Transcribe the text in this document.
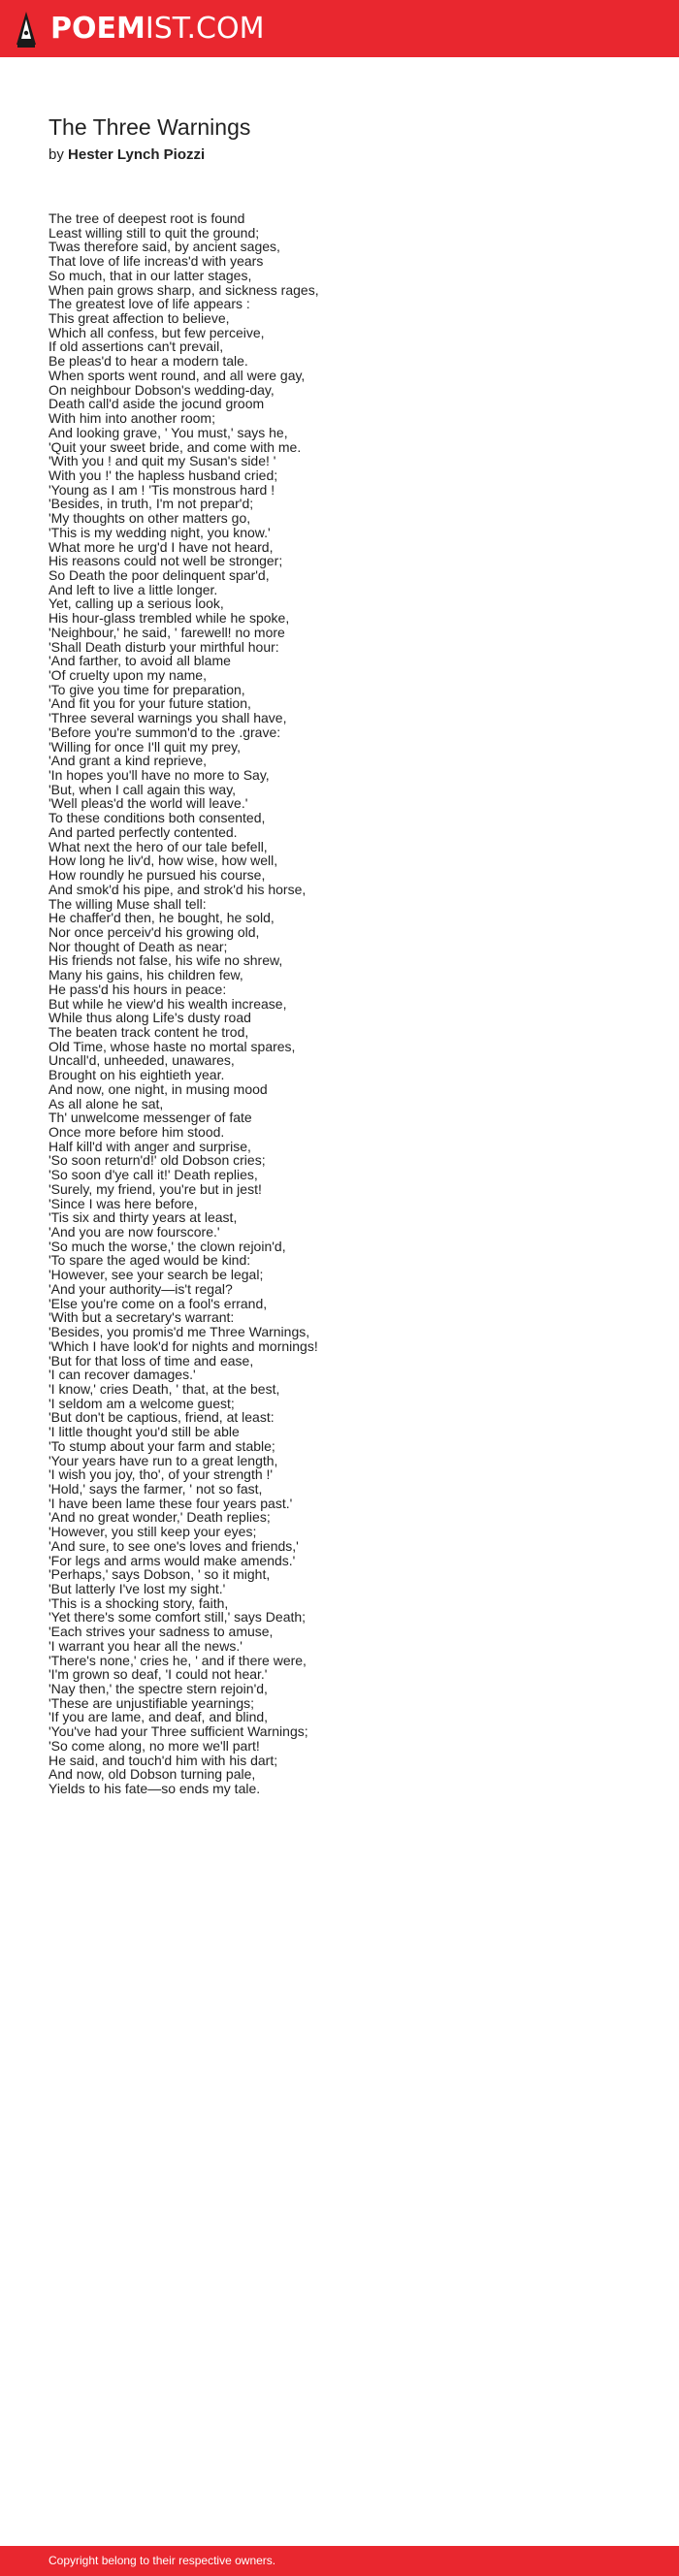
POEMIST.COM
The Three Warnings

by Hester Lynch Piozzi

The tree of deepest root is found
Least willing still to quit the ground;
Twas therefore said, by ancient sages,
That love of life increas'd with years
So much, that in our latter stages,
When pain grows sharp, and sickness rages,
The greatest love of life appears :
This great affection to believe,
Which all confess, but few perceive,
If old assertions can't prevail,
Be pleas'd to hear a modern tale.
When sports went round, and all were gay,
On neighbour Dobson's wedding-day,
Death call'd aside the jocund groom
With him into another room;
And looking grave, ' You must,' says he,
'Quit your sweet bride, and come with me.
'With you ! and quit my Susan's side! '
With you !' the hapless husband cried;
'Young as I am ! 'Tis monstrous hard !
'Besides, in truth, I'm not prepar'd;
'My thoughts on other matters go,
'This is my wedding night, you know.'
What more he urg'd I have not heard,
His reasons could not well be stronger;
So Death the poor delinquent spar'd,
And left to live a little longer.
Yet, calling up a serious look,
His hour-glass trembled while he spoke,
'Neighbour,' he said, ' farewell! no more
'Shall Death disturb your mirthful hour:
'And farther, to avoid all blame
'Of cruelty upon my name,
'To give you time for preparation,
'And fit you for your future station,
'Three several warnings you shall have,
'Before you're summon'd to the .grave:
'Willing for once I'll quit my prey,
'And grant a kind reprieve,
'In hopes you'll have no more to Say,
'But, when I call again this way,
'Well pleas'd the world will leave.'
To these conditions both consented,
And parted perfectly contented.
What next the hero of our tale befell,
How long he liv'd, how wise, how well,
How roundly he pursued his course,
And smok'd his pipe, and strok'd his horse,
The willing Muse shall tell:
He chaffer'd then, he bought, he sold,
Nor once perceiv'd his growing old,
Nor thought of Death as near;
His friends not false, his wife no shrew,
Many his gains, his children few,
He pass'd his hours in peace:
But while he view'd his wealth increase,
While thus along Life's dusty road
The beaten track content he trod,
Old Time, whose haste no mortal spares,
Uncall'd, unheeded, unawares,
Brought on his eightieth year.
And now, one night, in musing mood
As all alone he sat,
Th' unwelcome messenger of fate
Once more before him stood.
Half kill'd with anger and surprise,
'So soon return'd!' old Dobson cries;
'So soon d'ye call it!' Death replies,
'Surely, my friend, you're but in jest!
'Since I was here before,
'Tis six and thirty years at least,
'And you are now fourscore.'
'So much the worse,' the clown rejoin'd,
'To spare the aged would be kind:
'However, see your search be legal;
'And your authority—is't regal?
'Else you're come on a fool's errand,
'With but a secretary's warrant:
'Besides, you promis'd me Three Warnings,
'Which I have look'd for nights and mornings!
'But for that loss of time and ease,
'I can recover damages.'
'I know,' cries Death, ' that, at the best,
'I seldom am a welcome guest;
'But don't be captious, friend, at least:
'I little thought you'd still be able
'To stump about your farm and stable;
'Your years have run to a great length,
'I wish you joy, tho', of your strength !'
'Hold,' says the farmer, ' not so fast,
'I have been lame these four years past.'
'And no great wonder,' Death replies;
'However, you still keep your eyes;
'And sure, to see one's loves and friends,'
'For legs and arms would make amends.'
'Perhaps,' says Dobson, ' so it might,
'But latterly I've lost my sight.'
'This is a shocking story, faith,
'Yet there's some comfort still,' says Death;
'Each strives your sadness to amuse,
'I warrant you hear all the news.'
'There's none,' cries he, ' and if there were,
'I'm grown so deaf, 'I could not hear.'
'Nay then,' the spectre stern rejoin'd,
'These are unjustifiable yearnings;
'If you are lame, and deaf, and blind,
'You've had your Three sufficient Warnings;
'So come along, no more we'll part!
He said, and touch'd him with his dart;
And now, old Dobson turning pale,
Yields to his fate—so ends my tale.
Copyright belong to their respective owners.
